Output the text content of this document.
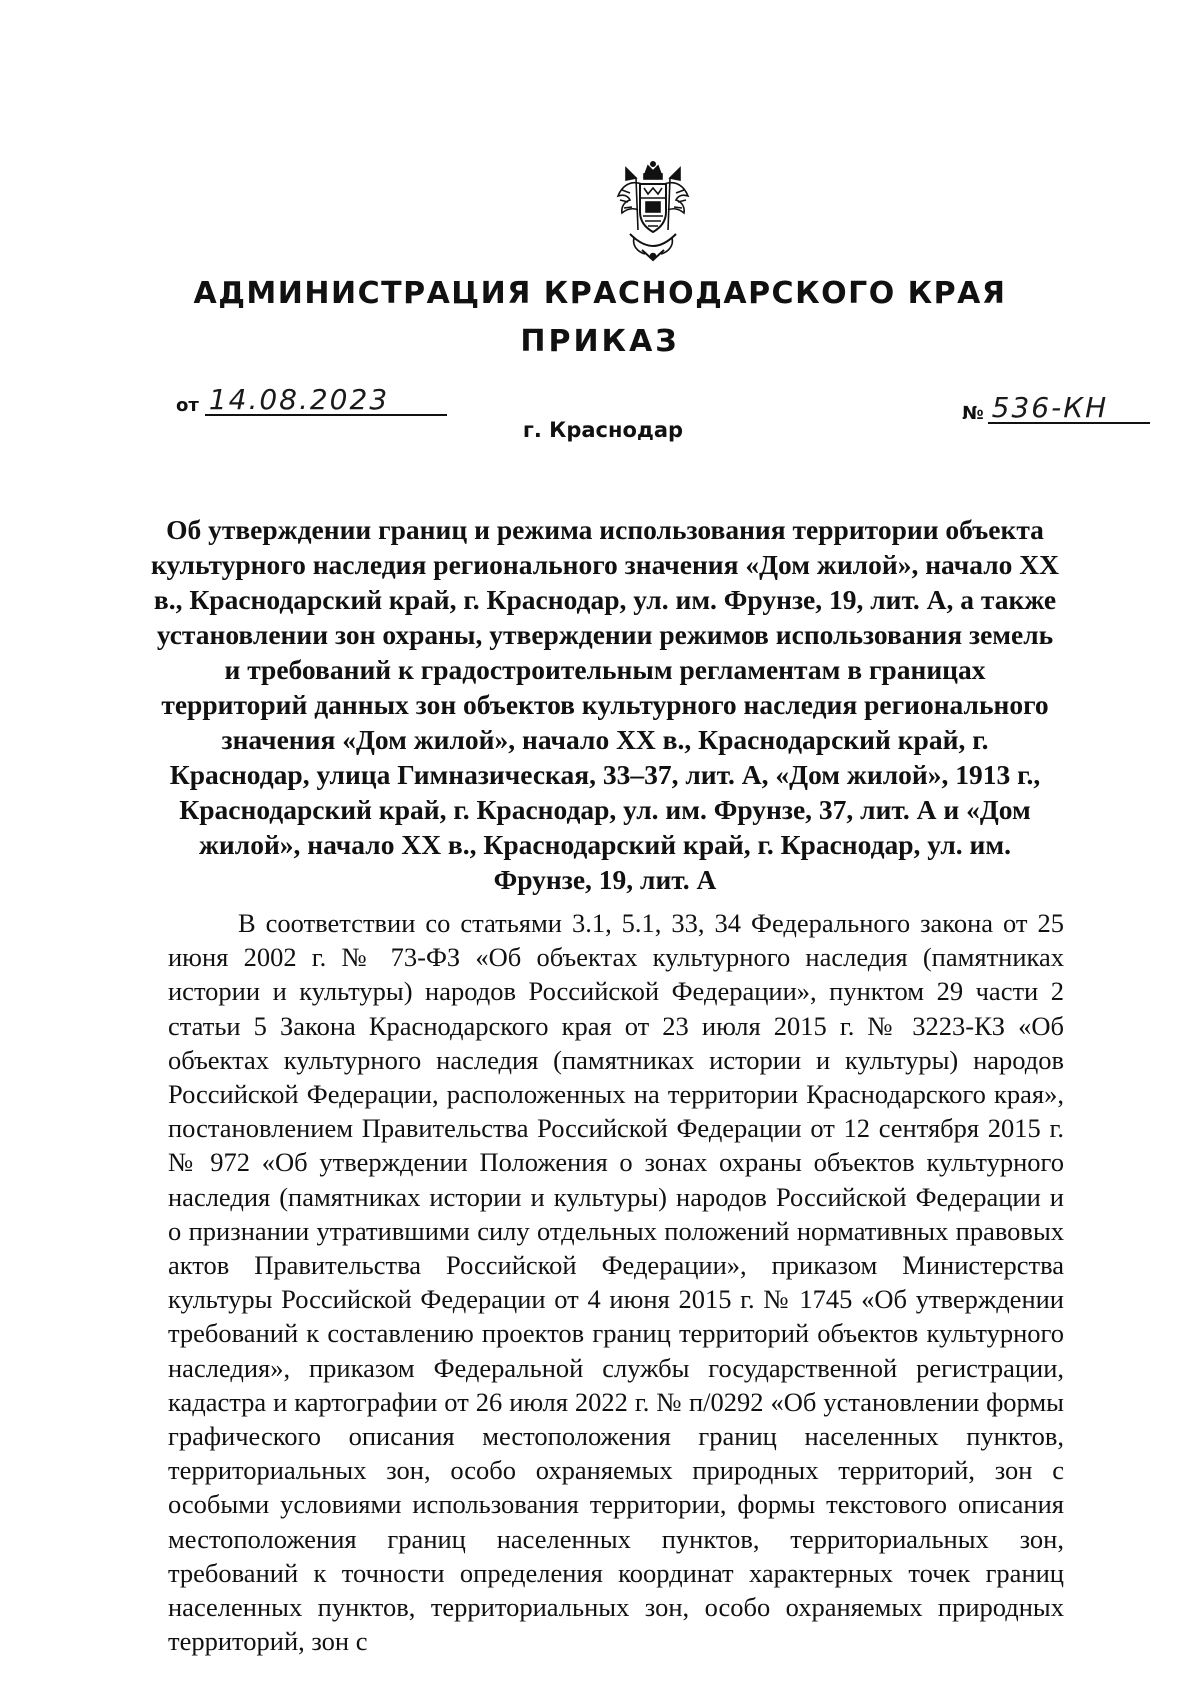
АДМИНИСТРАЦИЯ КРАСНОДАРСКОГО КРАЯ
ПРИКАЗ
от 14.08.2023	№ 536-КН

г. Краснодар

Об утверждении границ и режима использования территории объекта культурного наследия регионального значения «Дом жилой», начало XX в., Краснодарский край, г. Краснодар, ул. им. Фрунзе, 19, лит. А, а также установлении зон охраны, утверждении режимов использования земель и требований к градостроительным регламентам в границах территорий данных зон объектов культурного наследия регионального значения «Дом жилой», начало XX в., Краснодарский край, г. Краснодар, улица Гимназическая, 33–37, лит. А, «Дом жилой», 1913 г., Краснодарский край, г. Краснодар, ул. им. Фрунзе, 37, лит. А и «Дом жилой», начало XX в., Краснодарский край, г. Краснодар, ул. им. Фрунзе, 19, лит. А

В соответствии со статьями 3.1, 5.1, 33, 34 Федерального закона от 25 июня 2002 г. № 73-ФЗ «Об объектах культурного наследия (памятниках истории и культуры) народов Российской Федерации», пунктом 29 части 2 статьи 5 Закона Краснодарского края от 23 июля 2015 г. № 3223-КЗ «Об объектах культурного наследия (памятниках истории и культуры) народов Российской Федерации, расположенных на территории Краснодарского края», постановлением Правительства Российской Федерации от 12 сентября 2015 г. № 972 «Об утверждении Положения о зонах охраны объектов культурного наследия (памятниках истории и культуры) народов Российской Федерации и о признании утратившими силу отдельных положений нормативных правовых актов Правительства Российской Федерации», приказом Министерства культуры Российской Федерации от 4 июня 2015 г. № 1745 «Об утверждении требований к составлению проектов границ территорий объектов культурного наследия», приказом Федеральной службы государственной регистрации, кадастра и картографии от 26 июля 2022 г. № п/0292 «Об установлении формы графического описания местоположения границ населенных пунктов, территориальных зон, особо охраняемых природных территорий, зон с особыми условиями использования территории, формы текстового описания местоположения границ населенных пунктов, территориальных зон, требований к точности определения координат характерных точек границ населенных пунктов, территориальных зон, особо охраняемых природных территорий, зон с
